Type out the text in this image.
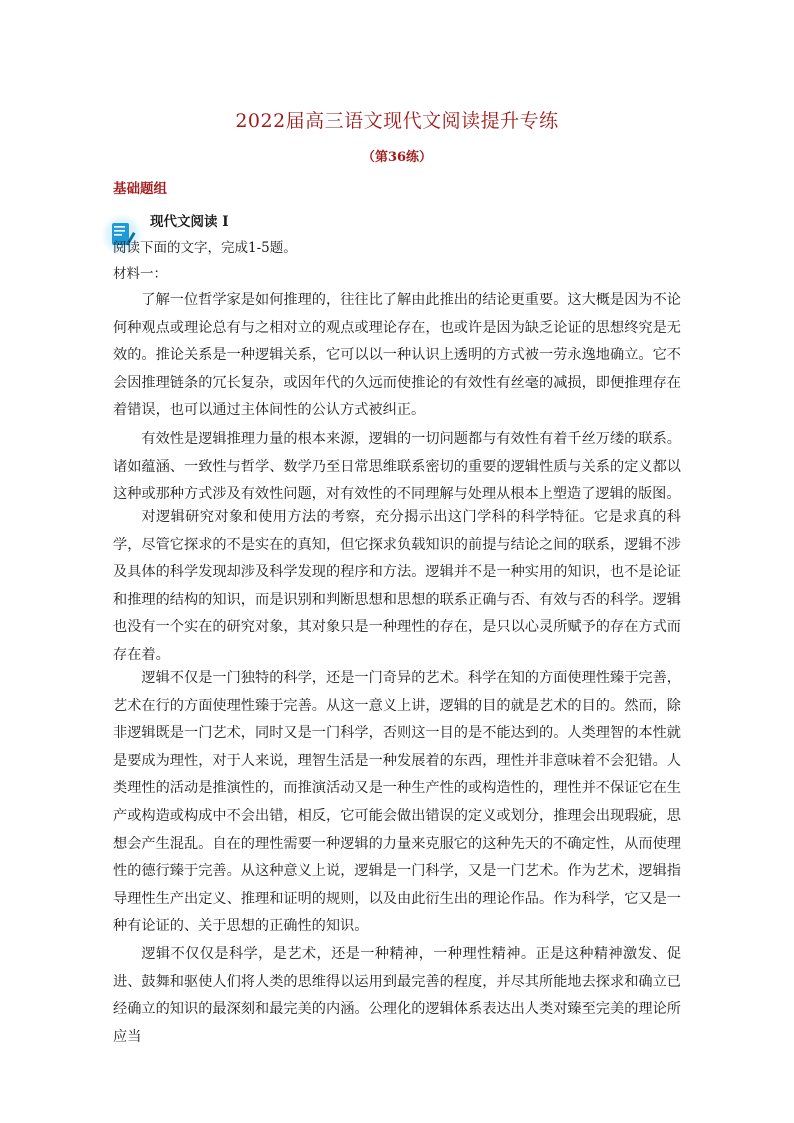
2022届高三语文现代文阅读提升专练
（第36练）
基础题组
现代文阅读 I
阅读下面的文字，完成1-5题。
材料一：

了解一位哲学家是如何推理的，往往比了解由此推出的结论更重要。这大概是因为不论何种观点或理论总有与之相对立的观点或理论存在，也或许是因为缺乏论证的思想终究是无效的。推论关系是一种逻辑关系，它可以以一种认识上透明的方式被一劳永逸地确立。它不会因推理链条的冗长复杂，或因年代的久远而使推论的有效性有丝毫的减损，即便推理存在着错误，也可以通过主体间性的公认方式被纠正。

有效性是逻辑推理力量的根本来源，逻辑的一切问题都与有效性有着千丝万缕的联系。诸如蕴涵、一致性与哲学、数学乃至日常思维联系密切的重要的逻辑性质与关系的定义都以这种或那种方式涉及有效性问题，对有效性的不同理解与处理从根本上塑造了逻辑的版图。

对逻辑研究对象和使用方法的考察，充分揭示出这门学科的科学特征。它是求真的科学，尽管它探求的不是实在的真知，但它探求负载知识的前提与结论之间的联系，逻辑不涉及具体的科学发现却涉及科学发现的程序和方法。逻辑并不是一种实用的知识，也不是论证和推理的结构的知识，而是识别和判断思想和思想的联系正确与否、有效与否的科学。逻辑也没有一个实在的研究对象，其对象只是一种理性的存在，是只以心灵所赋予的存在方式而存在着。

逻辑不仅是一门独特的科学，还是一门奇异的艺术。科学在知的方面使理性臻于完善，艺术在行的方面使理性臻于完善。从这一意义上讲，逻辑的目的就是艺术的目的。然而，除非逻辑既是一门艺术，同时又是一门科学，否则这一目的是不能达到的。人类理智的本性就是要成为理性，对于人来说，理智生活是一种发展着的东西，理性并非意味着不会犯错。人类理性的活动是推演性的，而推演活动又是一种生产性的或构造性的，理性并不保证它在生产或构造或构成中不会出错，相反，它可能会做出错误的定义或划分，推理会出现瑕疵，思想会产生混乱。自在的理性需要一种逻辑的力量来克服它的这种先天的不确定性，从而使理性的德行臻于完善。从这种意义上说，逻辑是一门科学，又是一门艺术。作为艺术，逻辑指导理性生产出定义、推理和证明的规则，以及由此衍生出的理论作品。作为科学，它又是一种有论证的、关于思想的正确性的知识。

逻辑不仅仅是科学，是艺术，还是一种精神，一种理性精神。正是这种精神激发、促进、鼓舞和驱使人们将人类的思维得以运用到最完善的程度，并尽其所能地去探求和确立已经确立的知识的最深刻和最完美的内涵。公理化的逻辑体系表达出人类对臻至完美的理论所应当
